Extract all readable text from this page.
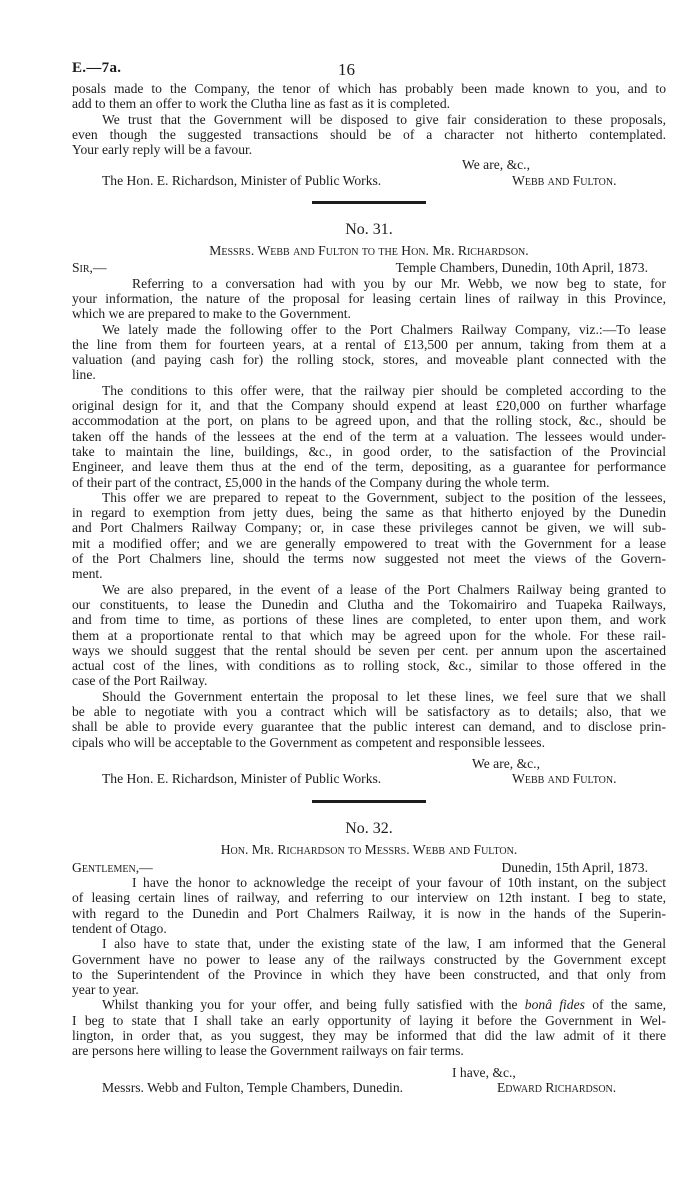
E.—7a.	16
posals made to the Company, the tenor of which has probably been made known to you, and to
add to them an offer to work the Clutha line as fast as it is completed.
We trust that the Government will be disposed to give fair consideration to these proposals,
even though the suggested transactions should be of a character not hitherto contemplated.
Your early reply will be a favour.
We are, &c.,
The Hon. E. Richardson, Minister of Public Works.	Webb and Fulton.
No. 31.
Messrs. Webb and Fulton to the Hon. Mr. Richardson.
Sir,—	Temple Chambers, Dunedin, 10th April, 1873.
Referring to a conversation had with you by our Mr. Webb, we now beg to state, for
your information, the nature of the proposal for leasing certain lines of railway in this Province,
which we are prepared to make to the Government.
We lately made the following offer to the Port Chalmers Railway Company, viz.:—To lease
the line from them for fourteen years, at a rental of £13,500 per annum, taking from them at a
valuation (and paying cash for) the rolling stock, stores, and moveable plant connected with the
line.
The conditions to this offer were, that the railway pier should be completed according to the
original design for it, and that the Company should expend at least £20,000 on further wharfage
accommodation at the port, on plans to be agreed upon, and that the rolling stock, &c., should be
taken off the hands of the lessees at the end of the term at a valuation. The lessees would under-
take to maintain the line, buildings, &c., in good order, to the satisfaction of the Provincial
Engineer, and leave them thus at the end of the term, depositing, as a guarantee for performance
of their part of the contract, £5,000 in the hands of the Company during the whole term.
This offer we are prepared to repeat to the Government, subject to the position of the lessees,
in regard to exemption from jetty dues, being the same as that hitherto enjoyed by the Dunedin
and Port Chalmers Railway Company; or, in case these privileges cannot be given, we will sub-
mit a modified offer; and we are generally empowered to treat with the Government for a lease
of the Port Chalmers line, should the terms now suggested not meet the views of the Govern-
ment.
We are also prepared, in the event of a lease of the Port Chalmers Railway being granted to
our constituents, to lease the Dunedin and Clutha and the Tokomairiro and Tuapeka Railways,
and from time to time, as portions of these lines are completed, to enter upon them, and work
them at a proportionate rental to that which may be agreed upon for the whole. For these rail-
ways we should suggest that the rental should be seven per cent. per annum upon the ascertained
actual cost of the lines, with conditions as to rolling stock, &c., similar to those offered in the
case of the Port Railway.
Should the Government entertain the proposal to let these lines, we feel sure that we shall
be able to negotiate with you a contract which will be satisfactory as to details; also, that we
shall be able to provide every guarantee that the public interest can demand, and to disclose prin-
cipals who will be acceptable to the Government as competent and responsible lessees.
We are, &c.,
The Hon. E. Richardson, Minister of Public Works.	Webb and Fulton.
No. 32.
Hon. Mr. Richardson to Messrs. Webb and Fulton.
Gentlemen,—	Dunedin, 15th April, 1873.
I have the honor to acknowledge the receipt of your favour of 10th instant, on the subject
of leasing certain lines of railway, and referring to our interview on 12th instant. I beg to state,
with regard to the Dunedin and Port Chalmers Railway, it is now in the hands of the Superin-
tendent of Otago.
I also have to state that, under the existing state of the law, I am informed that the General
Government have no power to lease any of the railways constructed by the Government except
to the Superintendent of the Province in which they have been constructed, and that only from
year to year.
Whilst thanking you for your offer, and being fully satisfied with the bonâ fides of the same,
I beg to state that I shall take an early opportunity of laying it before the Government in Wel-
lington, in order that, as you suggest, they may be informed that did the law admit of it there
are persons here willing to lease the Government railways on fair terms.
I have, &c.,
Messrs. Webb and Fulton, Temple Chambers, Dunedin.	Edward Richardson.
